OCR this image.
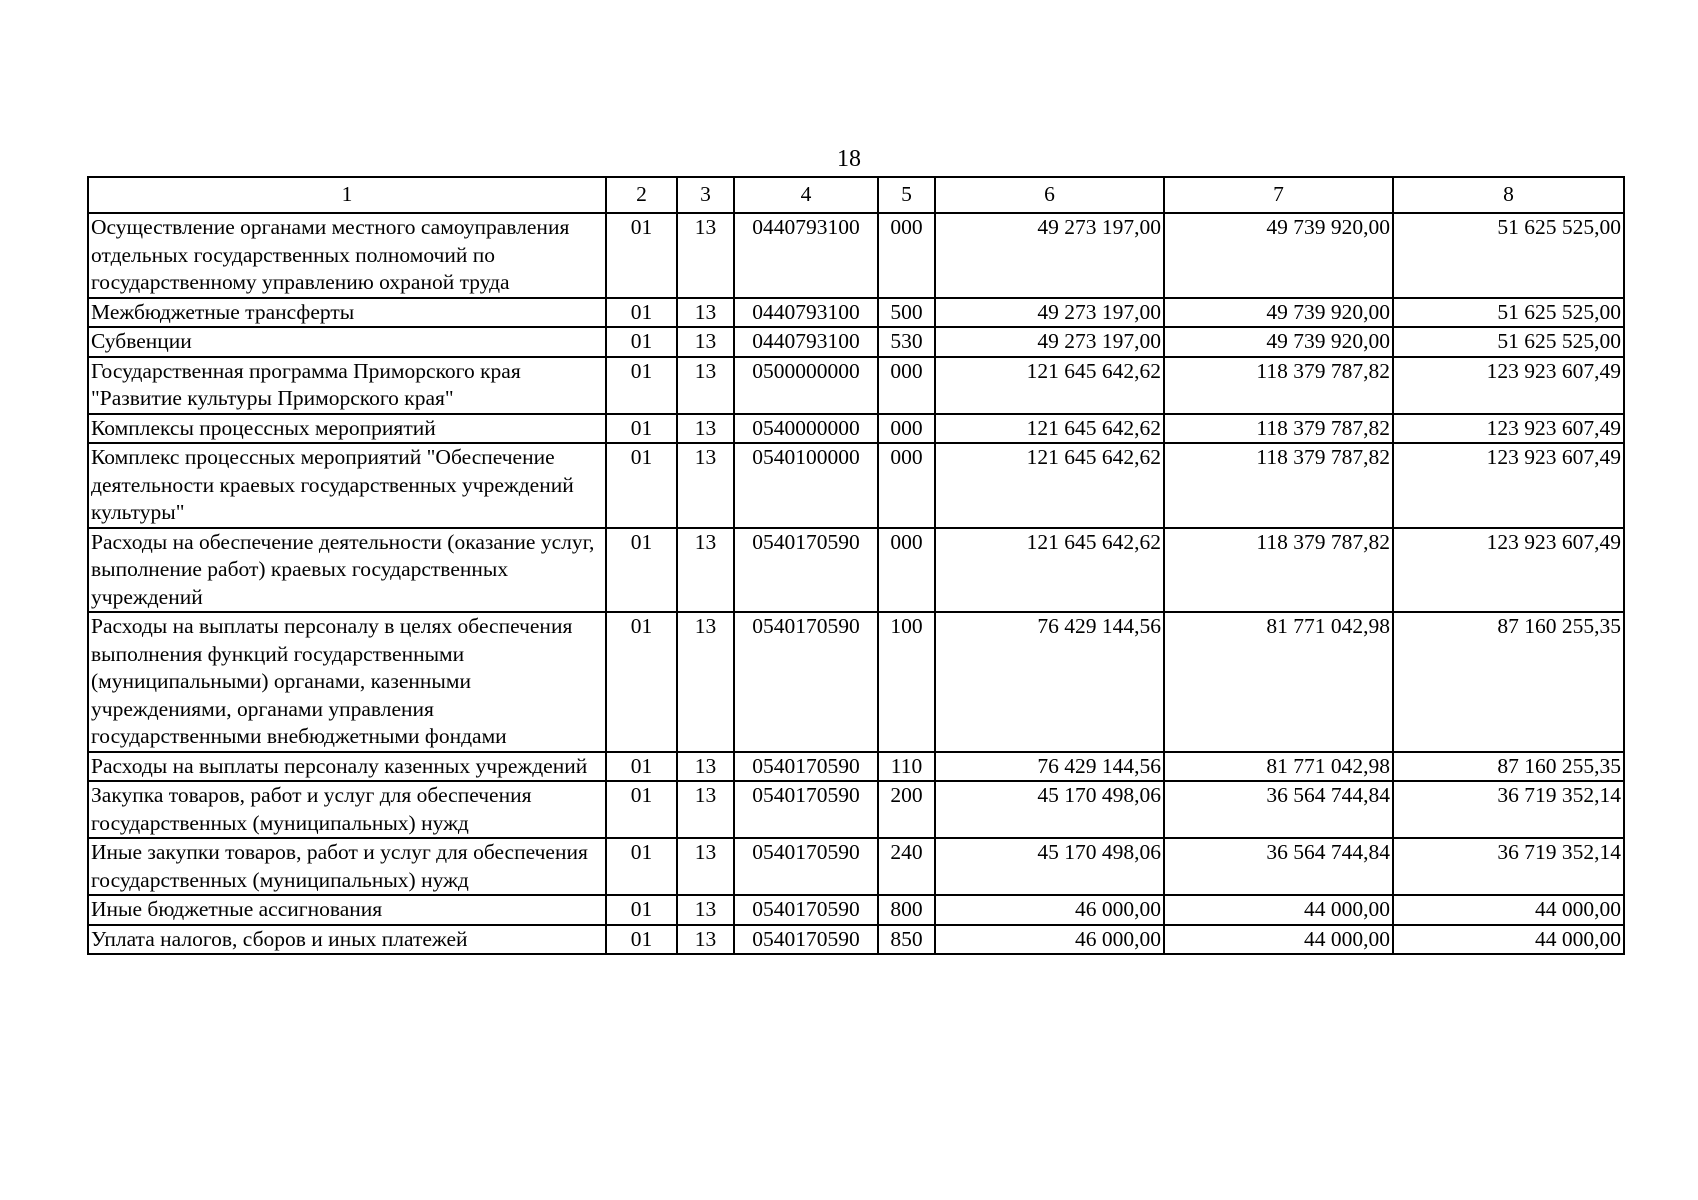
18
1	2	3	4	5	6	7	8
Осуществление органами местного самоуправления отдельных государственных полномочий по государственному управлению охраной труда	01	13	0440793100	000	49 273 197,00	49 739 920,00	51 625 525,00
Межбюджетные трансферты	01	13	0440793100	500	49 273 197,00	49 739 920,00	51 625 525,00
Субвенции	01	13	0440793100	530	49 273 197,00	49 739 920,00	51 625 525,00
Государственная программа Приморского края "Развитие культуры Приморского края"	01	13	0500000000	000	121 645 642,62	118 379 787,82	123 923 607,49
Комплексы процессных мероприятий	01	13	0540000000	000	121 645 642,62	118 379 787,82	123 923 607,49
Комплекс процессных мероприятий "Обеспечение деятельности краевых государственных учреждений культуры"	01	13	0540100000	000	121 645 642,62	118 379 787,82	123 923 607,49
Расходы на обеспечение деятельности (оказание услуг, выполнение работ) краевых государственных учреждений	01	13	0540170590	000	121 645 642,62	118 379 787,82	123 923 607,49
Расходы на выплаты персоналу в целях обеспечения выполнения функций государственными (муниципальными) органами, казенными учреждениями, органами управления государственными внебюджетными фондами	01	13	0540170590	100	76 429 144,56	81 771 042,98	87 160 255,35
Расходы на выплаты персоналу казенных учреждений	01	13	0540170590	110	76 429 144,56	81 771 042,98	87 160 255,35
Закупка товаров, работ и услуг для обеспечения государственных (муниципальных) нужд	01	13	0540170590	200	45 170 498,06	36 564 744,84	36 719 352,14
Иные закупки товаров, работ и услуг для обеспечения государственных (муниципальных) нужд	01	13	0540170590	240	45 170 498,06	36 564 744,84	36 719 352,14
Иные бюджетные ассигнования	01	13	0540170590	800	46 000,00	44 000,00	44 000,00
Уплата налогов, сборов и иных платежей	01	13	0540170590	850	46 000,00	44 000,00	44 000,00
